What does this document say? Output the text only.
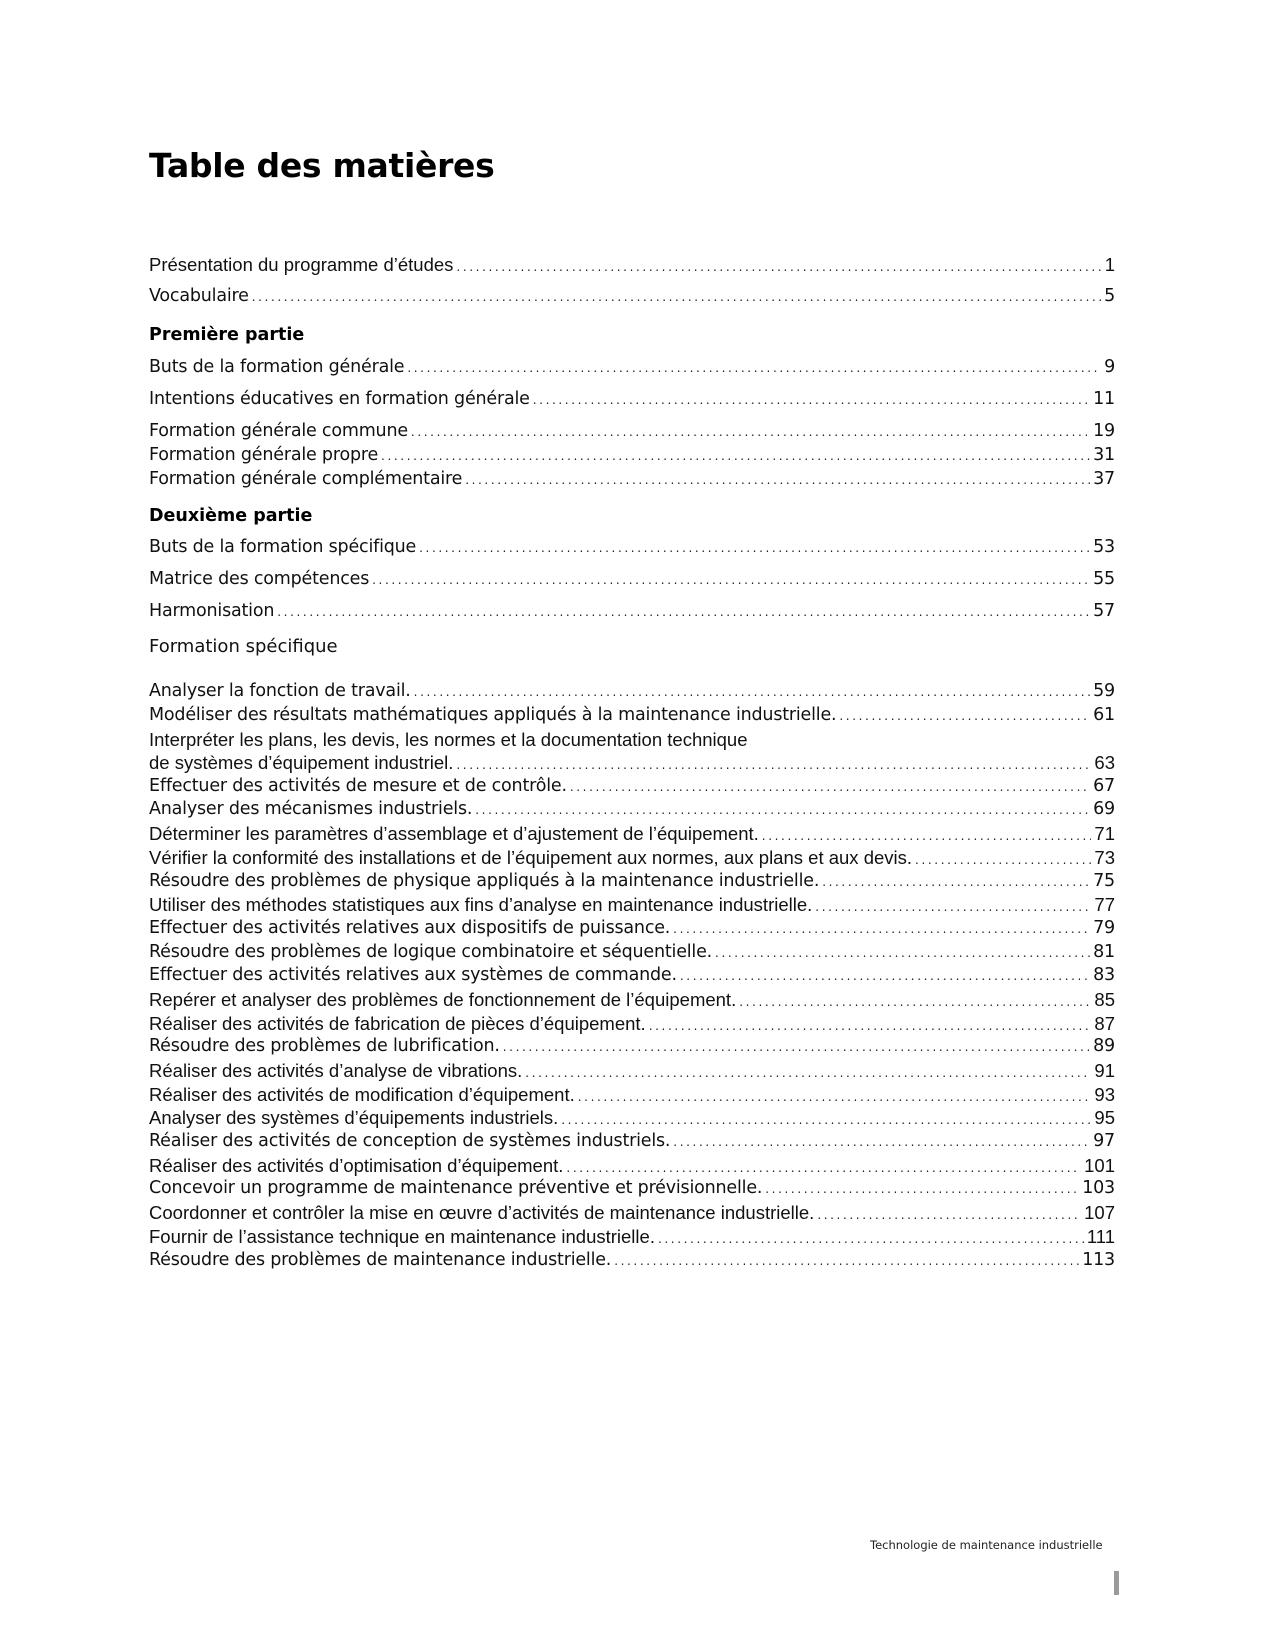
Table des matières
Présentation du programme d’études .....	1
Vocabulaire .....	5
Première partie
Buts de la formation générale .....	9
Intentions éducatives en formation générale .....	11
Formation générale commune .....	19
Formation générale propre .....	31
Formation générale complémentaire .....	37
Deuxième partie
Buts de la formation spécifique .....	53
Matrice des compétences .....	55
Harmonisation .....	57
Formation spécifique
Analyser la fonction de travail. .....	59
Modéliser des résultats mathématiques appliqués à la maintenance industrielle. .....	61
Interpréter les plans, les devis, les normes et la documentation technique
de systèmes d’équipement industriel. .....	63
Effectuer des activités de mesure et de contrôle. .....	67
Analyser des mécanismes industriels. .....	69
Déterminer les paramètres d’assemblage et d’ajustement de l’équipement. .....	71
Vérifier la conformité des installations et de l’équipement aux normes, aux plans et aux devis. .....	73
Résoudre des problèmes de physique appliqués à la maintenance industrielle. .....	75
Utiliser des méthodes statistiques aux fins d’analyse en maintenance industrielle. .....	77
Effectuer des activités relatives aux dispositifs de puissance. .....	79
Résoudre des problèmes de logique combinatoire et séquentielle. .....	81
Effectuer des activités relatives aux systèmes de commande. .....	83
Repérer et analyser des problèmes de fonctionnement de l’équipement. .....	85
Réaliser des activités de fabrication de pièces d’équipement. .....	87
Résoudre des problèmes de lubrification. .....	89
Réaliser des activités d’analyse de vibrations. .....	91
Réaliser des activités de modification d’équipement. .....	93
Analyser des systèmes d’équipements industriels. .....	95
Réaliser des activités de conception de systèmes industriels. .....	97
Réaliser des activités d’optimisation d’équipement. .....	101
Concevoir un programme de maintenance préventive et prévisionnelle. .....	103
Coordonner et contrôler la mise en œuvre d’activités de maintenance industrielle. .....	107
Fournir de l’assistance technique en maintenance industrielle. .....	111
Résoudre des problèmes de maintenance industrielle. .....	113
Technologie de maintenance industrielle
